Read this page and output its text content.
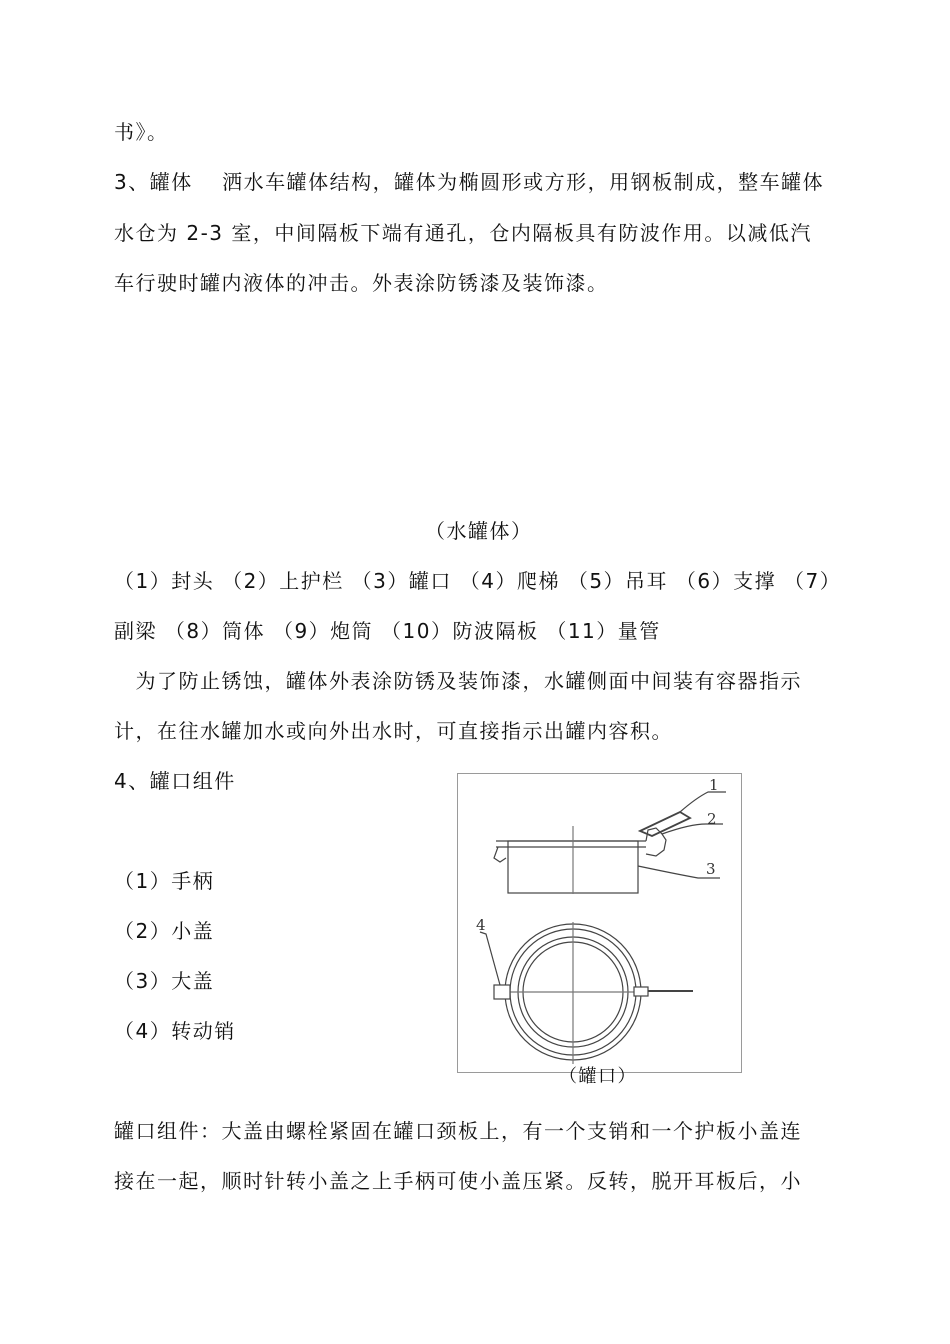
书》。
3、罐体　 洒水车罐体结构，罐体为椭圆形或方形，用钢板制成，整车罐体
水仓为 2-3 室，中间隔板下端有通孔，仓内隔板具有防波作用。以减低汽
车行驶时罐内液体的冲击。外表涂防锈漆及装饰漆。
（水罐体）
（1）封头 （2）上护栏 （3）罐口 （4）爬梯 （5）吊耳 （6）支撑 （7）
副梁 （8）筒体 （9）炮筒 （10）防波隔板 （11）量管
　为了防止锈蚀，罐体外表涂防锈及装饰漆，水罐侧面中间装有容器指示
计，在往水罐加水或向外出水时，可直接指示出罐内容积。
4、罐口组件
（1）手柄
（2）小盖
（3）大盖
（4）转动销
1
2
3
4
（罐口）
罐口组件：大盖由螺栓紧固在罐口颈板上，有一个支销和一个护板小盖连
接在一起，顺时针转小盖之上手柄可使小盖压紧。反转，脱开耳板后，小
